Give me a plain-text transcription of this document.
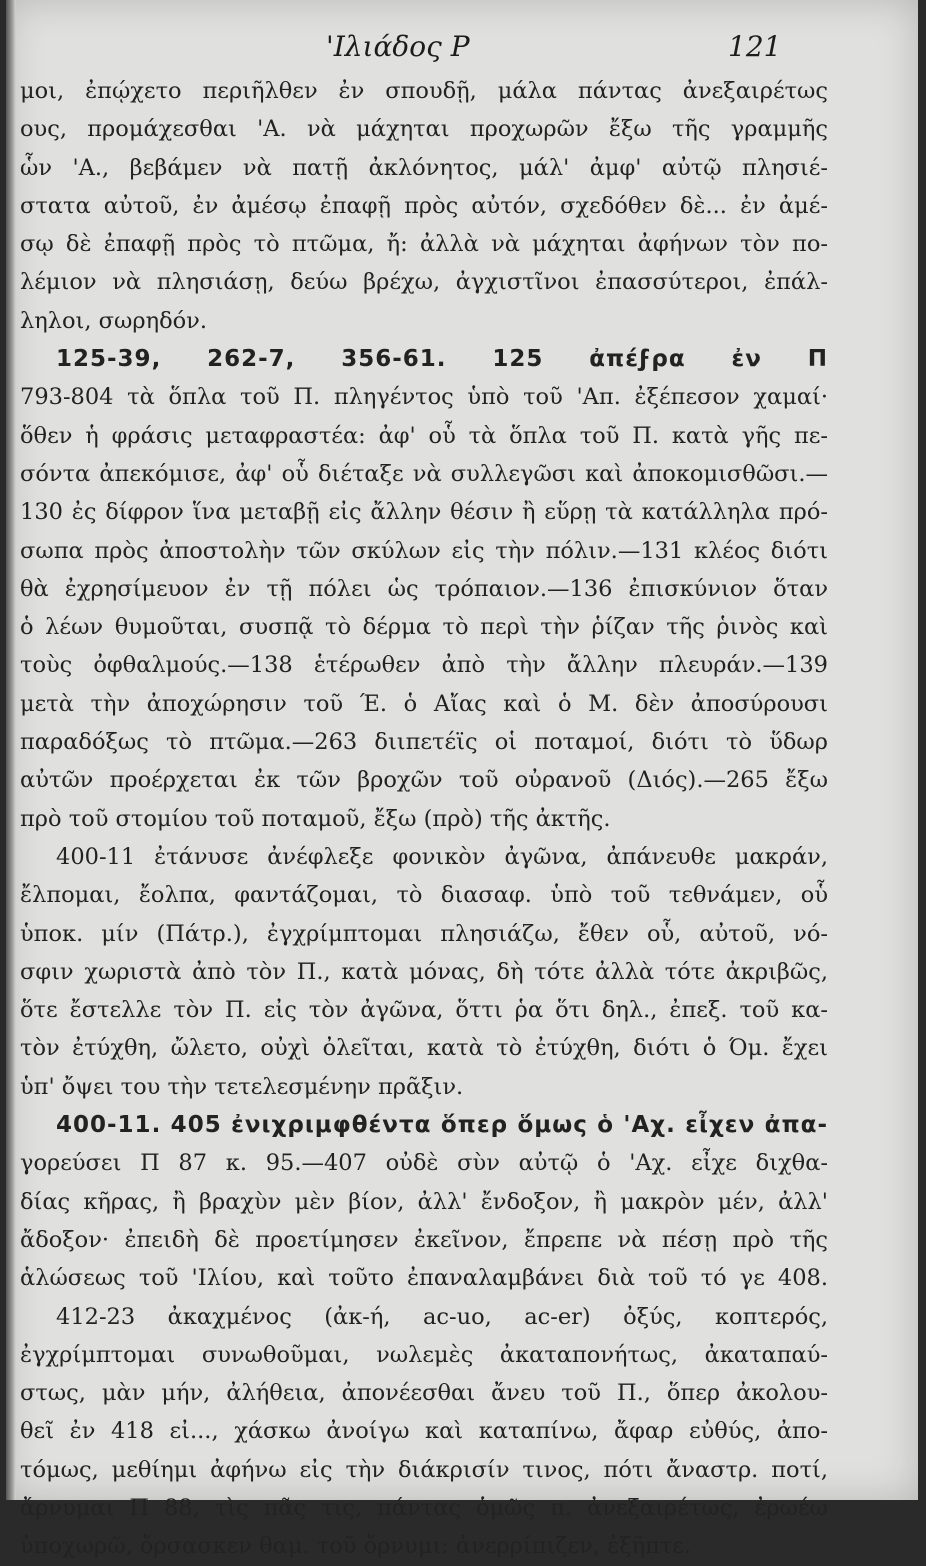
'Ιλιάδος Ρ	121
μοι, ἐπῴχετο περιῆλθεν ἐν σπουδῇ, μάλα πάντας ἀνεξαιρέτως
ους, προμάχεσθαι 'Α. νὰ μάχηται προχωρῶν ἔξω τῆς γραμμῆς
ὧν 'Α., βεβάμεν νὰ πατῇ ἀκλόνητος, μάλ' ἀμφ' αὐτῷ πλησιέ-
στατα αὐτοῦ, ἐν ἀμέσῳ ἐπαφῇ πρὸς αὐτόν, σχεδόθεν δὲ... ἐν ἀμέ-
σῳ δὲ ἐπαφῇ πρὸς τὸ πτῶμα, ἤ: ἀλλὰ νὰ μάχηται ἀφήνων τὸν πο-
λέμιον νὰ πλησιάσῃ, δεύω βρέχω, ἀγχιστῖνοι ἐπασσύτεροι, ἐπάλ-
ληλοι, σωρηδόν.
125-39, 262-7, 356-61. 125 ἀπέϝρα ἐν Π
793-804 τὰ ὅπλα τοῦ Π. πληγέντος ὑπὸ τοῦ 'Απ. ἐξέπεσον χαμαί·
ὅθεν ἡ φράσις μεταφραστέα: ἀφ' οὗ τὰ ὅπλα τοῦ Π. κατὰ γῆς πε-
σόντα ἀπεκόμισε, ἀφ' οὗ διέταξε νὰ συλλεγῶσι καὶ ἀποκομισθῶσι.—
130 ἐς δίφρον ἵνα μεταβῇ εἰς ἄλλην θέσιν ἢ εὕρῃ τὰ κατάλληλα πρό-
σωπα πρὸς ἀποστολὴν τῶν σκύλων εἰς τὴν πόλιν.—131 κλέος διότι
θὰ ἐχρησίμευον ἐν τῇ πόλει ὡς τρόπαιον.—136 ἐπισκύνιον ὅταν
ὁ λέων θυμοῦται, συσπᾷ τὸ δέρμα τὸ περὶ τὴν ῥίζαν τῆς ῥινὸς καὶ
τοὺς ὀφθαλμούς.—138 ἑτέρωθεν ἀπὸ τὴν ἄλλην πλευράν.—139
μετὰ τὴν ἀποχώρησιν τοῦ Έ. ὁ Αἴας καὶ ὁ Μ. δὲν ἀποσύρουσι
παραδόξως τὸ πτῶμα.—263 διιπετέϊς οἱ ποταμοί, διότι τὸ ὕδωρ
αὐτῶν προέρχεται ἐκ τῶν βροχῶν τοῦ οὐρανοῦ (Διός).—265 ἔξω
πρὸ τοῦ στομίου τοῦ ποταμοῦ, ἔξω (πρὸ) τῆς ἀκτῆς.
400-11 ἐτάνυσε ἀνέφλεξε φονικὸν ἀγῶνα, ἀπάνευθε μακράν,
ἔλπομαι, ἔολπα, φαντάζομαι, τὸ διασαφ. ὑπὸ τοῦ τεθνάμεν, οὗ
ὑποκ. μίν (Πάτρ.), ἐγχρίμπτομαι πλησιάζω, ἔθεν οὗ, αὐτοῦ, νό-
σφιν χωριστὰ ἀπὸ τὸν Π., κατὰ μόνας, δὴ τότε ἀλλὰ τότε ἀκριβῶς,
ὅτε ἔστελλε τὸν Π. εἰς τὸν ἀγῶνα, ὅττι ῥα ὅτι δηλ., ἐπεξ. τοῦ κα-
τὸν ἐτύχθη, ὤλετο, οὐχὶ ὀλεῖται, κατὰ τὸ ἐτύχθη, διότι ὁ Όμ. ἔχει
ὑπ' ὄψει του τὴν τετελεσμένην πρᾶξιν.
400-11. 405 ἐνιχριμφθέντα ὅπερ ὅμως ὁ 'Αχ. εἶχεν ἀπα-
γορεύσει Π 87 κ. 95.—407 οὐδὲ σὺν αὐτῷ ὁ 'Αχ. εἶχε διχθα-
δίας κῆρας, ἢ βραχὺν μὲν βίον, ἀλλ' ἔνδοξον, ἢ μακρὸν μέν, ἀλλ'
ἄδοξον· ἐπειδὴ δὲ προετίμησεν ἐκεῖνον, ἔπρεπε νὰ πέσῃ πρὸ τῆς
ἁλώσεως τοῦ 'Ιλίου, καὶ τοῦτο ἐπαναλαμβάνει διὰ τοῦ τό γε 408.
412-23 ἀκαχμένος (ἀκ-ή, ac-uo, ac-er) ὀξύς, κοπτερός,
ἐγχρίμπτομαι συνωθοῦμαι, νωλεμὲς ἀκαταπονήτως, ἀκαταπαύ-
στως, μὰν μήν, ἀλήθεια, ἀπονέεσθαι ἄνευ τοῦ Π., ὅπερ ἀκολου-
θεῖ ἐν 418 εἰ..., χάσκω ἀνοίγω καὶ καταπίνω, ἄφαρ εὐθύς, ἀπο-
τόμως, μεθίημι ἀφήνω εἰς τὴν διάκρισίν τινος, πότι ἄναστρ. ποτί,
ἄρνυμαι Π 88, τὶς πᾶς τις, πάντας ὁμῶς π. ἀνεξαιρέτως, ἐρωέω
ὑποχωρῶ, ὄρσασκεν θαμ. τοῦ ὄρνυμι: ἀνερρίπιζεν, ἐξῆπτε.
